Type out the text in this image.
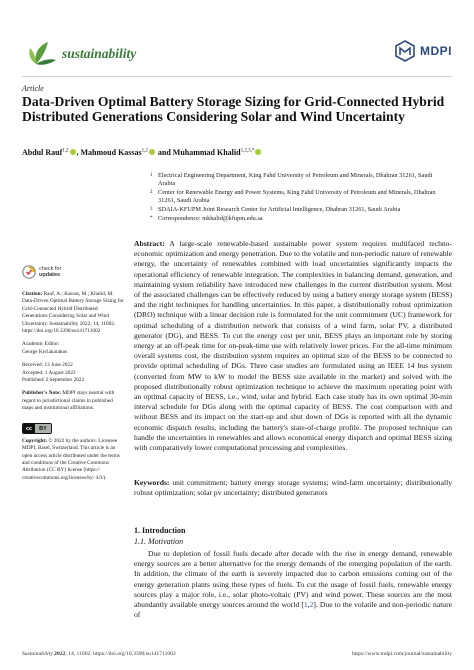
sustainability	MDPI
Article
Data-Driven Optimal Battery Storage Sizing for Grid-Connected Hybrid Distributed Generations Considering Solar and Wind Uncertainty
Abdul Rauf$^{1,2}$ , Mahmoud Kassas$^{1,2}$ and Muhammad Khalid$^{1,2,3,*}$
1 Electrical Engineering Department, King Fahd University of Petroleum and Minerals, Dhahran 31261, Saudi Arabia
2 Center for Renewable Energy and Power Systems, King Fahd University of Petroleum and Minerals, Dhahran 31261, Saudi Arabia
3 SDAIA-KFUPM Joint Research Center for Artificial Intelligence, Dhahran 31261, Saudi Arabia
* Correspondence: mkhalid@kfupm.edu.sa
check for
updates
Citation: Rauf, A.; Kassas, M.; Khalid, M. Data-Driven Optimal Battery Storage Sizing for Grid-Connected Hybrid Distributed Generations Considering Solar and Wind Uncertainty. Sustainability 2022, 14, 11002. https://doi.org/10.3390/su141711002
Academic Editor:
George Kyriakarakos
Received: 13 June 2022
Accepted: 1 August 2022
Published: 2 September 2022
Publisher's Note: MDPI stays neutral with regard to jurisdictional claims in published maps and institutional affiliations.
cc	BY
Copyright: © 2022 by the authors. Licensee MDPI, Basel, Switzerland. This article is an open access article distributed under the terms and conditions of the Creative Commons Attribution (CC BY) license (https:// creativecommons.org/licenses/by/ 4.0/).
Abstract: A large-scale renewable-based sustainable power system requires multifaced techno-economic optimization and energy penetration. Due to the volatile and non-periodic nature of renewable energy, the uncertainty of renewables combined with load uncertainties significantly impacts the operational efficiency of renewable integration. The complexities in balancing demand, generation, and maintaining system reliability have introduced new challenges in the current distribution system. Most of the associated challenges can be effectively reduced by using a battery energy storage system (BESS) and the right techniques for handling uncertainties. In this paper, a distributionally robust optimization (DRO) technique with a linear decision rule is formulated for the unit commitment (UC) framework for optimal scheduling of a distribution network that consists of a wind farm, solar PV, a distributed generator (DG), and BESS. To cut the energy cost per unit, BESS plays an important role by storing energy at an off-peak time for on-peak-time use with relatively lower prices. For the all-time minimum overall systems cost, the distribution system requires an optimal size of the BESS to be connected to provide optimal scheduling of DGs. Three case studies are formulated using an IEEE 14 bus system (converted from MW to kW to model the BESS size available in the market) and solved with the proposed distributionally robust optimization technique to achieve the maximum operating point with an optimal capacity of BESS, i.e., wind, solar and hybrid. Each case study has its own optimal 30-min interval schedule for DGs along with the optimal capacity of BESS. The cost comparison with and without BESS and its impact on the start-up and shut down of DGs is reported with all the dynamic economic dispatch results, including the battery's state-of-charge profile. The proposed technique can handle the uncertainties in renewables and allows economical energy dispatch and optimal BESS sizing with comparatively lower computational processing and complexities.
Keywords: unit commitment; battery energy storage systems; wind-farm uncertainty; distributionally robust optimization; solar pv uncertainty; distributed generators
1. Introduction
1.1. Motivation
Due to depletion of fossil fuels decade after decade with the rise in energy demand, renewable energy sources are a better alternative for the energy demands of the emerging population of the earth. In addition, the climate of the earth is severely impacted due to carbon emissions coming out of the energy generation plants using these types of fuels. To cut the usage of fossil fuels, renewable energy sources play a major role, i.e., solar photo-voltaic (PV) and wind power. These sources are the most abundantly available energy sources around the world [1,2]. Due to the volatile and non-periodic nature of
Sustainability 2022, 14, 11002. https://doi.org/10.3390/su141711002	https://www.mdpi.com/journal/sustainability
